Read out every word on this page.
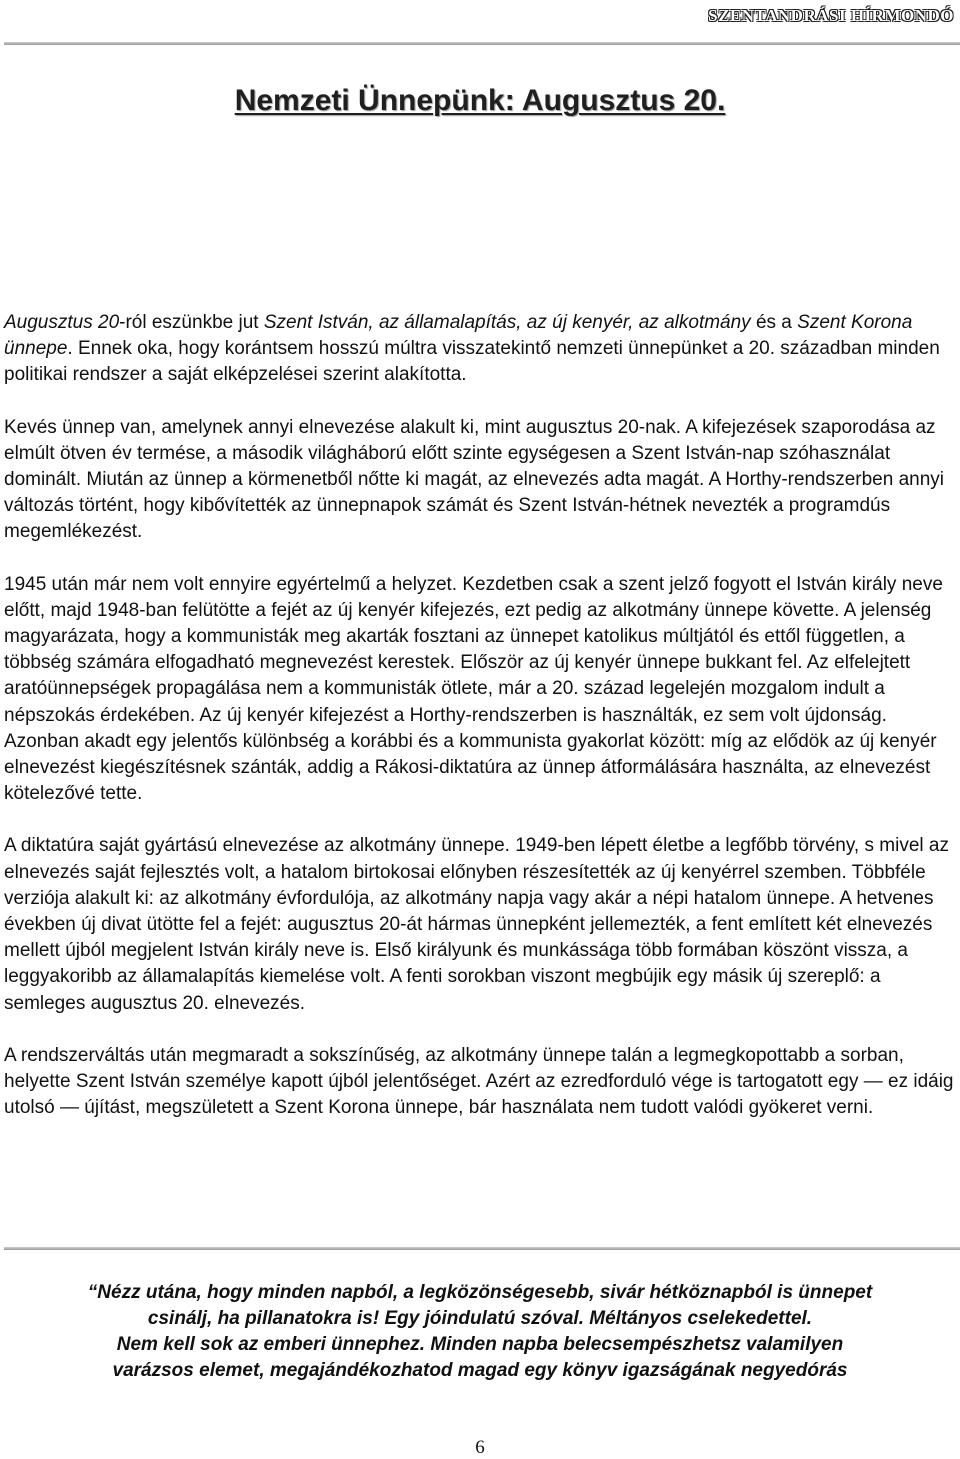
SZENTANDRÁSI HÍRMONDÓ
Nemzeti Ünnepünk: Augusztus 20.

Augusztus 20-ról eszünkbe jut Szent István, az államalapítás, az új kenyér, az alkotmány és a Szent Korona ünnepe. Ennek oka, hogy korántsem hosszú múltra visszatekintő nemzeti ünnepünket a 20. században minden politikai rendszer a saját elképzelései szerint alakította.

Kevés ünnep van, amelynek annyi elnevezése alakult ki, mint augusztus 20-nak. A kifejezések szaporodása az elmúlt ötven év termése, a második világháború előtt szinte egységesen a Szent István-nap szóhasználat dominált. Miután az ünnep a körmenetből nőtte ki magát, az elnevezés adta magát. A Horthy-rendszerben annyi változás történt, hogy kibővítették az ünnepnapok számát és Szent István-hétnek nevezték a programdús megemlékezést.

1945 után már nem volt ennyire egyértelmű a helyzet. Kezdetben csak a szent jelző fogyott el István király neve előtt, majd 1948-ban felütötte a fejét az új kenyér kifejezés, ezt pedig az alkotmány ünnepe követte. A jelenség magyarázata, hogy a kommunisták meg akarták fosztani az ünnepet katolikus múltjától és ettől független, a többség számára elfogadható megnevezést kerestek. Először az új kenyér ünnepe bukkant fel. Az elfelejtett aratóünnepségek propagálása nem a kommunisták ötlete, már a 20. század legelején mozgalom indult a népszokás érdekében. Az új kenyér kifejezést a Horthy-rendszerben is használták, ez sem volt újdonság. Azonban akadt egy jelentős különbség a korábbi és a kommunista gyakorlat között: míg az elődök az új kenyér elnevezést kiegészítésnek szánták, addig a Rákosi-diktatúra az ünnep átformálására használta, az elnevezést kötelezővé tette.

A diktatúra saját gyártású elnevezése az alkotmány ünnepe. 1949-ben lépett életbe a legfőbb törvény, s mivel az elnevezés saját fejlesztés volt, a hatalom birtokosai előnyben részesítették az új kenyérrel szemben. Többféle verziója alakult ki: az alkotmány évfordulója, az alkotmány napja vagy akár a népi hatalom ünnepe. A hetvenes években új divat ütötte fel a fejét: augusztus 20-át hármas ünnepként jellemezték, a fent említett két elnevezés mellett újból megjelent István király neve is. Első királyunk és munkássága több formában köszönt vissza, a leggyakoribb az államalapítás kiemelése volt. A fenti sorokban viszont megbújik egy másik új szereplő: a semleges augusztus 20. elnevezés.

A rendszerváltás után megmaradt a sokszínűség, az alkotmány ünnepe talán a legmegkopottabb a sorban, helyette Szent István személye kapott újból jelentőséget. Azért az ezredforduló vége is tartogatott egy — ez idáig utolsó — újítást, megszületett a Szent Korona ünnepe, bár használata nem tudott valódi gyökeret verni.

“Nézz utána, hogy minden napból, a legközönségesebb, sivár hétköznapból is ünnepet
csinálj, ha pillanatokra is! Egy jóindulatú szóval. Méltányos cselekedettel.
Nem kell sok az emberi ünnephez. Minden napba belecsempészhetsz valamilyen
varázsos elemet, megajándékozhatod magad egy könyv igazságának negyedórás
6
